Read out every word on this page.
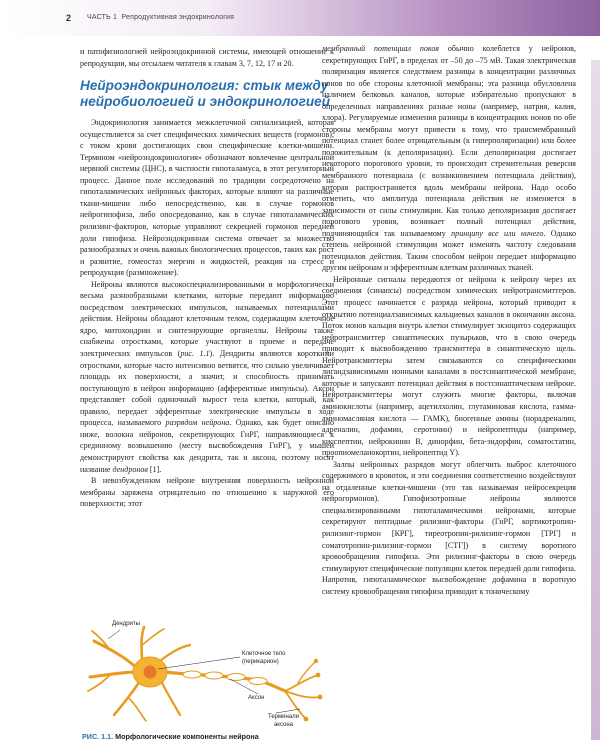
2 ЧАСТЬ 1 Репродуктивная эндокринология

и патофизиологией нейроэндокринной системы, имеющей отношение к репродукции, мы отсылаем читателя к главам 3, 7, 12, 17 и 20.

Нейроэндокринология: стык между нейробиологией и эндокринологией

Эндокринология занимается межклеточной сигнализацией, которая осуществляется за счет специфических химических веществ (гормонов), с током крови достигающих свои специфические клетки-мишени. Термином «нейроэндокринология» обозначают вовлечение центральной нервной системы (ЦНС), в частности гипоталамуса, в этот регуляторный процесс. Данное поле исследований по традиции сосредоточено на гипоталамических нейронных факторах, которые влияют на различные ткани-мишени либо непосредственно, как в случае гормонов нейрогипофиза, либо опосредованно, как в случае гипоталамических рилизинг-факторов, которые управляют секрецией гормонов передней доли гипофиза. Нейроэндокринная система отвечает за множество разнообразных и очень важных биологических процессов, таких как рост и развитие, гомеостаз энергии и жидкостей, реакция на стресс и репродукция (размножение).

Нейроны являются высокоспециализированными и морфологически весьма разнообразными клетками, которые передают информацию посредством электрических импульсов, называемых потенциалами действия. Нейроны обладают клеточным телом, содержащим клеточное ядро, митохондрии и синтезирующие органеллы. Нейроны также снабжены отростками, которые участвуют в приеме и передаче электрических импульсов (рис. 1.1). Дендриты являются короткими отростками, которые часто интенсивно ветвятся, что сильно увеличивает площадь их поверхности, а значит, и способность принимать поступающую в нейрон информацию (афферентные импульсы). Аксон представляет собой одиночный вырост тела клетки, который, как правило, передает эфферентные электрические импульсы в ходе процесса, называемого разрядом нейрона. Однако, как будет описано ниже, волокна нейронов, секретирующих ГнРГ, направляющиеся к срединному возвышению (месту высвобождения ГнРГ), у мышей демонстрируют свойства как дендрита, так и аксона, поэтому носят название дендронов [1].

В невозбужденном нейроне внутренняя поверхность нейронной мембраны заряжена отрицательно по отношению к наружной его поверхности; этот

мембранный потенциал покоя обычно колеблется у нейронов, секретирующих ГнРГ, в пределах от –50 до –75 мВ. Такая электрическая поляризация является следствием разницы в концентрации различных ионов по обе стороны клеточной мембраны; эта разница обусловлена наличием белковых каналов, которые избирательно пропускают в определенных направлениях разные ионы (например, натрия, калия, хлора). Регулируемые изменения разницы в концентрациях ионов по обе стороны мембраны могут привести к тому, что трансмембранный потенциал станет более отрицательным (к гиперполяризации) или более положительным (к деполяризации). Если деполяризация достигает некоторого порогового уровня, то происходит стремительная реверсия мембранного потенциала (с возникновением потенциала действия), которая распространяется вдоль мембраны нейрона. Надо особо отметить, что амплитуда потенциала действия не изменяется в зависимости от силы стимуляции. Как только деполяризация достигает порогового уровня, возникает полный потенциал действия, подчиняющийся так называемому принципу все или ничего. Однако степень нейронной стимуляции может изменять частоту следования потенциалов действия. Таким способом нейрон передает информацию другим нейронам и эфферентным клеткам различных тканей.

Нейронные сигналы передаются от нейрона к нейрону через их соединения (синапсы) посредством химических нейротрансмиттеров. Этот процесс начинается с разряда нейрона, который приводит к открытию потенциалзависимых кальциевых каналов в окончании аксона. Поток ионов кальция внутрь клетки стимулирует экзоцитоз содержащих нейротрансмиттер синаптических пузырьков, что в свою очередь приводит к высвобождению трансмиттера в синаптическую щель. Нейротрансмиттеры затем связываются со специфическими лигандзависимыми ионными каналами в постсинаптической мембране, которые и запускают потенциал действия в постсинаптическом нейроне. Нейротрансмиттеры могут служить многие факторы, включая аминокислоты (например, ацетилхолин, глутаминовая кислота, гамма-аминомасляная кислота — ГАМК), биогенные амины (норадреналин, адреналин, дофамин, серотонин) и нейропептиды (например, кисспептин, нейрокинин B, динорфин, бета-эндорфин, соматостатин, проопиомеланокортин, нейропептид Y).

Залпы нейронных разрядов могут облегчить выброс клеточного содержимого в кровоток, и эти соединения соответственно воздействуют на отдаленные клетки-мишени (это так называемая нейросекреция нейрогормонов). Гипофизотропные нейроны являются специализированными гипоталамическими нейронами, которые секретируют пептидные рилизинг-факторы (ГнРГ, кортикотропин-рилизинг-гормон [КРГ], тиреотропин-рилизинг-гормон [ТРГ] и соматотропин-рилизинг-гормон [СТГ]) в систему воротного кровообращения гипофиза. Эти рилизинг-факторы в свою очередь стимулируют специфические популяции клеток передней доли гипофиза. Напротив, гипоталамическое высвобождение дофамина в воротную систему кровообращения гипофиза приводит к тоническому

Дендриты
Клеточное тело
(перикарион)
Аксон
Терминали
аксона
РИС. 1.1. Морфологические компоненты нейрона
